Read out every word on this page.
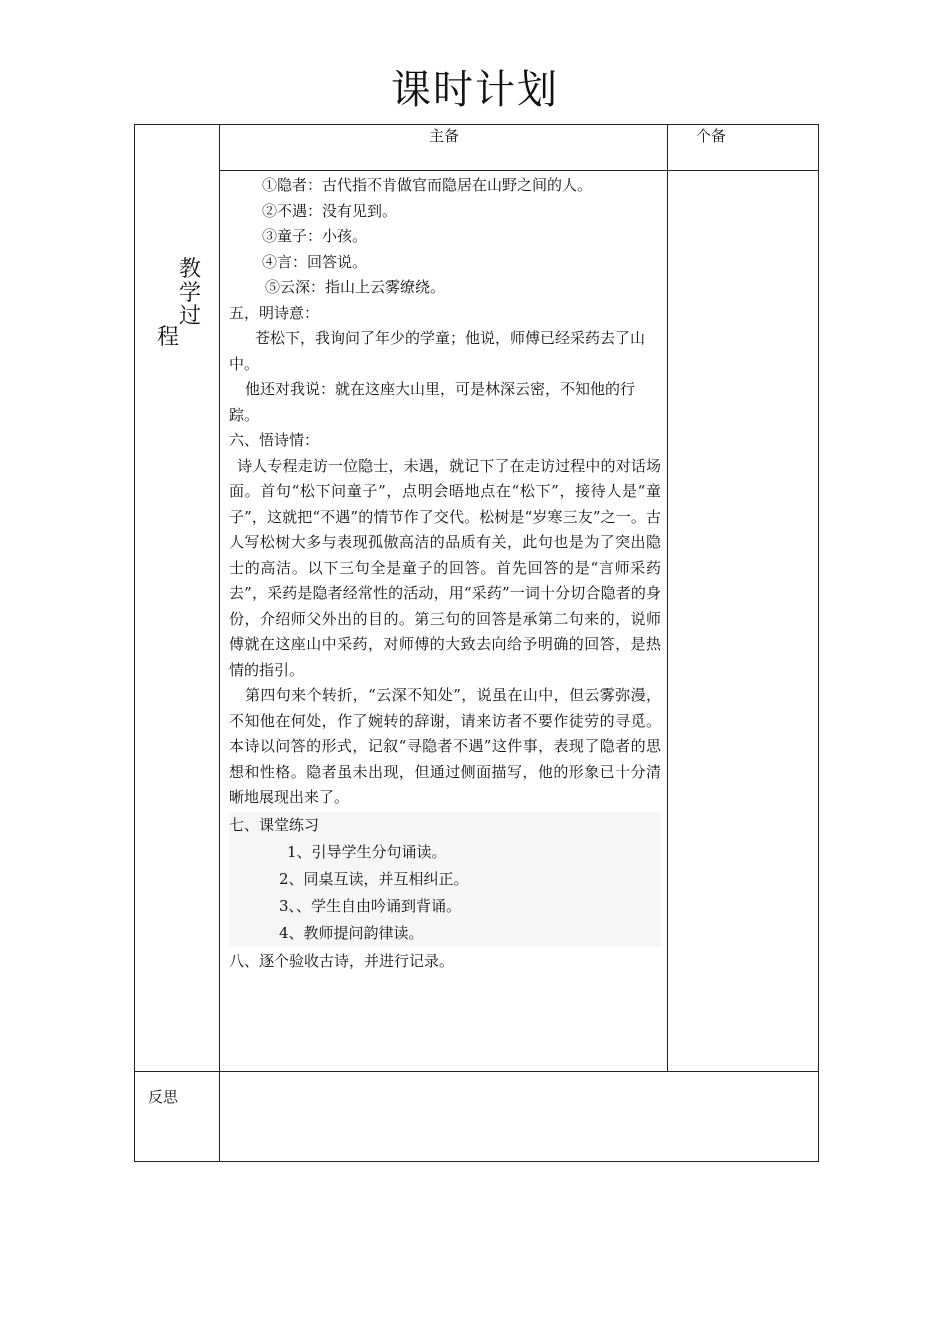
课时计划
主备	个备
教
学
过
程
反思

①隐者：古代指不肯做官而隐居在山野之间的人。

②不遇：没有见到。

③童子：小孩。

④言：回答说。

⑤云深：指山上云雾缭绕。

五，明诗意：

苍松下，我询问了年少的学童；他说，师傅已经采药去了山中。

他还对我说：就在这座大山里，可是林深云密，不知他的行踪。

六、悟诗情：

诗人专程走访一位隐士，未遇，就记下了在走访过程中的对话场面。首句“松下问童子”，点明会晤地点在“松下”，接待人是“童子”，这就把“不遇”的情节作了交代。松树是“岁寒三友”之一。古人写松树大多与表现孤傲高洁的品质有关，此句也是为了突出隐士的高洁。以下三句全是童子的回答。首先回答的是“言师采药去”，采药是隐者经常性的活动，用“采药”一词十分切合隐者的身份，介绍师父外出的目的。第三句的回答是承第二句来的，说师傅就在这座山中采药，对师傅的大致去向给予明确的回答，是热情的指引。

第四句来个转折，“云深不知处”，说虽在山中，但云雾弥漫，不知他在何处，作了婉转的辞谢，请来访者不要作徒劳的寻觅。本诗以问答的形式，记叙“寻隐者不遇”这件事，表现了隐者的思想和性格。隐者虽未出现，但通过侧面描写，他的形象已十分清晰地展现出来了。

七、课堂练习

1、引导学生分句诵读。

2、同桌互读，并互相纠正。

3、、学生自由吟诵到背诵。

4、教师提问韵律读。

八、逐个验收古诗，并进行记录。
